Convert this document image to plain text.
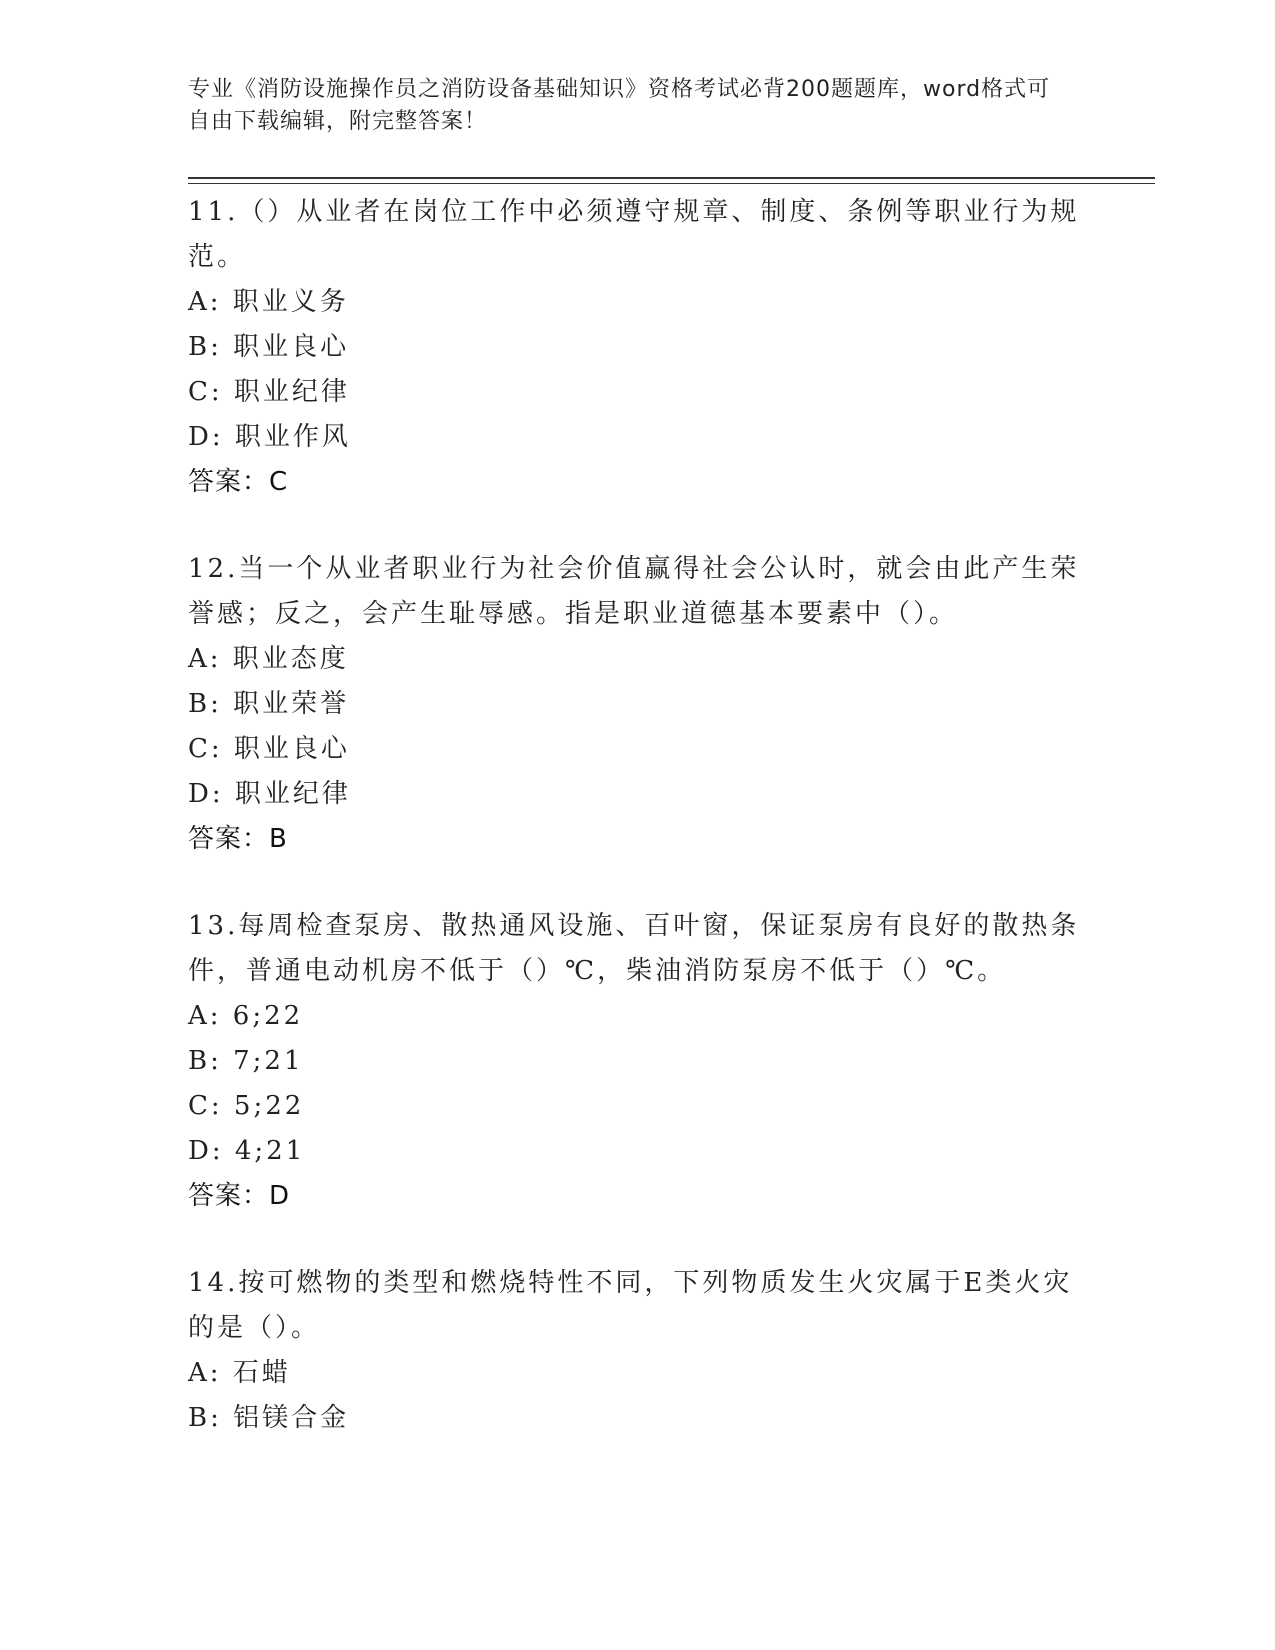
专业《消防设施操作员之消防设备基础知识》资格考试必背200题题库，word格式可自由下载编辑，附完整答案！

11.（）从业者在岗位工作中必须遵守规章、制度、条例等职业行为规范。

A: 职业义务

B: 职业良心

C: 职业纪律

D: 职业作风

答案：C

12.当一个从业者职业行为社会价值赢得社会公认时，就会由此产生荣誉感；反之，会产生耻辱感。指是职业道德基本要素中（）。

A: 职业态度

B: 职业荣誉

C: 职业良心

D: 职业纪律

答案：B

13.每周检查泵房、散热通风设施、百叶窗，保证泵房有良好的散热条件，普通电动机房不低于（）℃，柴油消防泵房不低于（）℃。

A: 6;22

B: 7;21

C: 5;22

D: 4;21

答案：D

14.按可燃物的类型和燃烧特性不同，下列物质发生火灾属于E类火灾的是（）。

A: 石蜡

B: 铝镁合金
